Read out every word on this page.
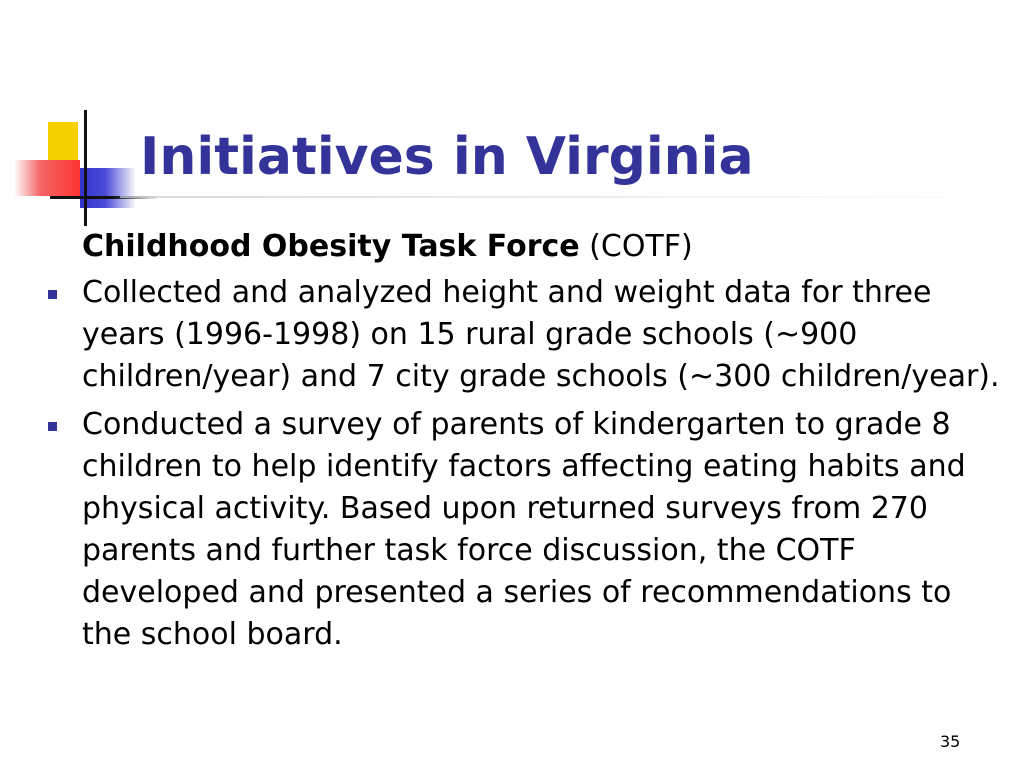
Initiatives in Virginia

Childhood Obesity Task Force (COTF)

Collected and analyzed height and weight data for three years (1996-1998) on 15 rural grade schools (~900 children/year) and 7 city grade schools (~300 children/year).
Conducted a survey of parents of kindergarten to grade 8 children to help identify factors affecting eating habits and physical activity. Based upon returned surveys from 270 parents and further task force discussion, the COTF developed and presented a series of recommendations to the school board.
35
